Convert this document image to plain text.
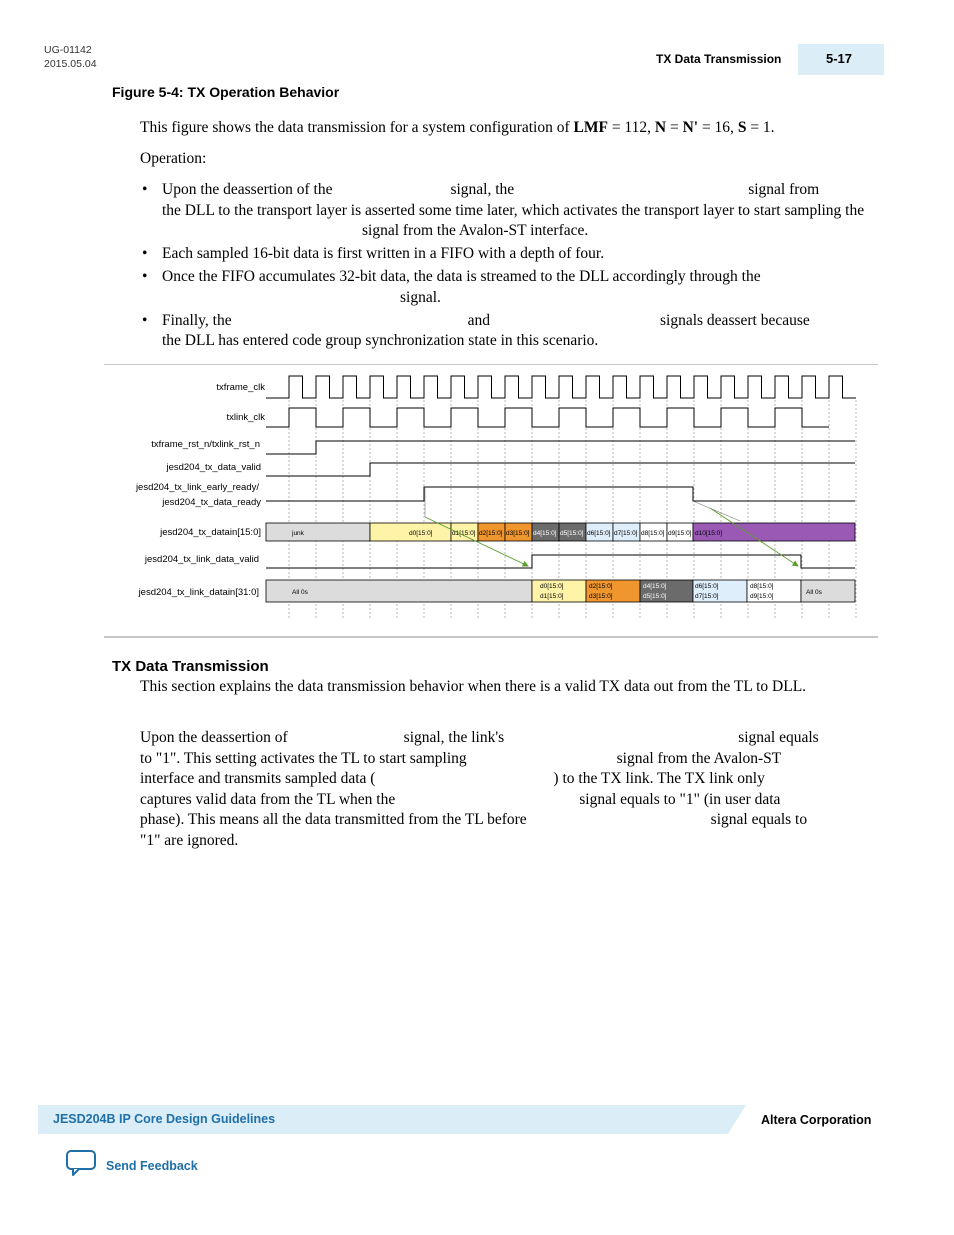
UG-01142
2015.05.04	TX Data Transmission	5-17
Figure 5-4: TX Operation Behavior
This figure shows the data transmission for a system configuration of LMF = 112, N = N' = 16, S = 1.
Operation:
• Upon the deassertion of the	signal, the	signal from
the DLL to the transport layer is asserted some time later, which activates the transport layer to start sampling thesignal from the Avalon-ST interface.
• Each sampled 16-bit data is first written in a FIFO with a depth of four.
• Once the FIFO accumulates 32-bit data, the data is streamed to the DLL accordingly through the
signal.
• Finally, the	and	signals deassert because
the DLL has entered code group synchronization state in this scenario.
txframe_clk
txlink_clk
txframe_rst_n/txlink_rst_n
jesd204_tx_data_valid
jesd204_tx_link_early_ready/
jesd204_tx_data_ready
jesd204_tx_datain[15:0]
jesd204_tx_link_data_valid
jesd204_tx_link_datain[31:0]
junk	d0[15:0]	d1[15:0] d2[15:0] d3[15:0] d4[15:0] d5[15:0] d6[15:0] d7[15:0] d8[15:0] d9[15:0] d10[15:0]
All 0s
d0[15:0]
d1[15:0]
d2[15:0]
d3[15:0]
d4[15:0]
d5[15:0]
d6[15:0]
d7[15:0]
d8[15:0]
d9[15:0]
All 0s
TX Data Transmission
This section explains the data transmission behavior when there is a valid TX data out from the TL to DLL.
Upon the deassertion of	signal, the link's	signal equals
to "1". This setting activates the TL to start sampling	signal from the Avalon-ST
interface and transmits sampled data (	) to the TX link. The TX link only
captures valid data from the TL when the	signal equals to "1" (in user data
phase). This means all the data transmitted from the TL before	signal equals to
"1" are ignored.
JESD204B IP Core Design Guidelines	Altera Corporation
Send Feedback
